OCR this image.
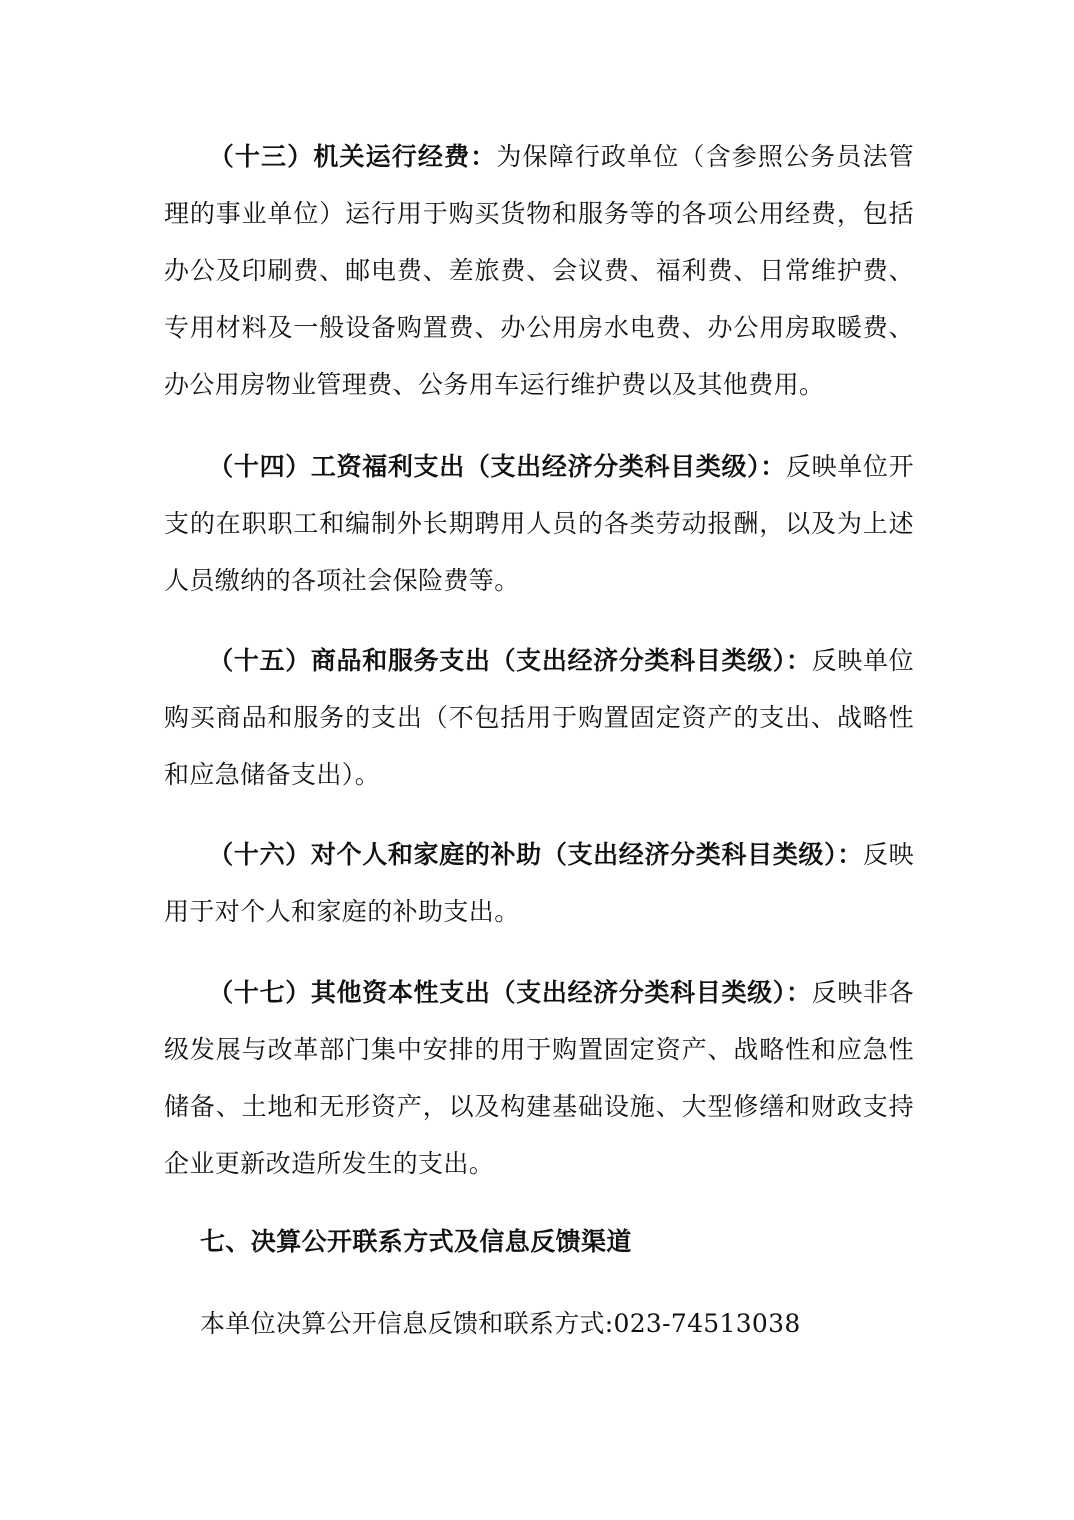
（十三）机关运行经费：为保障行政单位（含参照公务员法管理的事业单位）运行用于购买货物和服务等的各项公用经费，包括办公及印刷费、邮电费、差旅费、会议费、福利费、日常维护费、专用材料及一般设备购置费、办公用房水电费、办公用房取暖费、办公用房物业管理费、公务用车运行维护费以及其他费用。

（十四）工资福利支出（支出经济分类科目类级）：反映单位开支的在职职工和编制外长期聘用人员的各类劳动报酬，以及为上述人员缴纳的各项社会保险费等。

（十五）商品和服务支出（支出经济分类科目类级）：反映单位购买商品和服务的支出（不包括用于购置固定资产的支出、战略性和应急储备支出）。

（十六）对个人和家庭的补助（支出经济分类科目类级）：反映用于对个人和家庭的补助支出。

（十七）其他资本性支出（支出经济分类科目类级）：反映非各级发展与改革部门集中安排的用于购置固定资产、战略性和应急性储备、土地和无形资产，以及构建基础设施、大型修缮和财政支持企业更新改造所发生的支出。

七、决算公开联系方式及信息反馈渠道
本单位决算公开信息反馈和联系方式:023-74513038
